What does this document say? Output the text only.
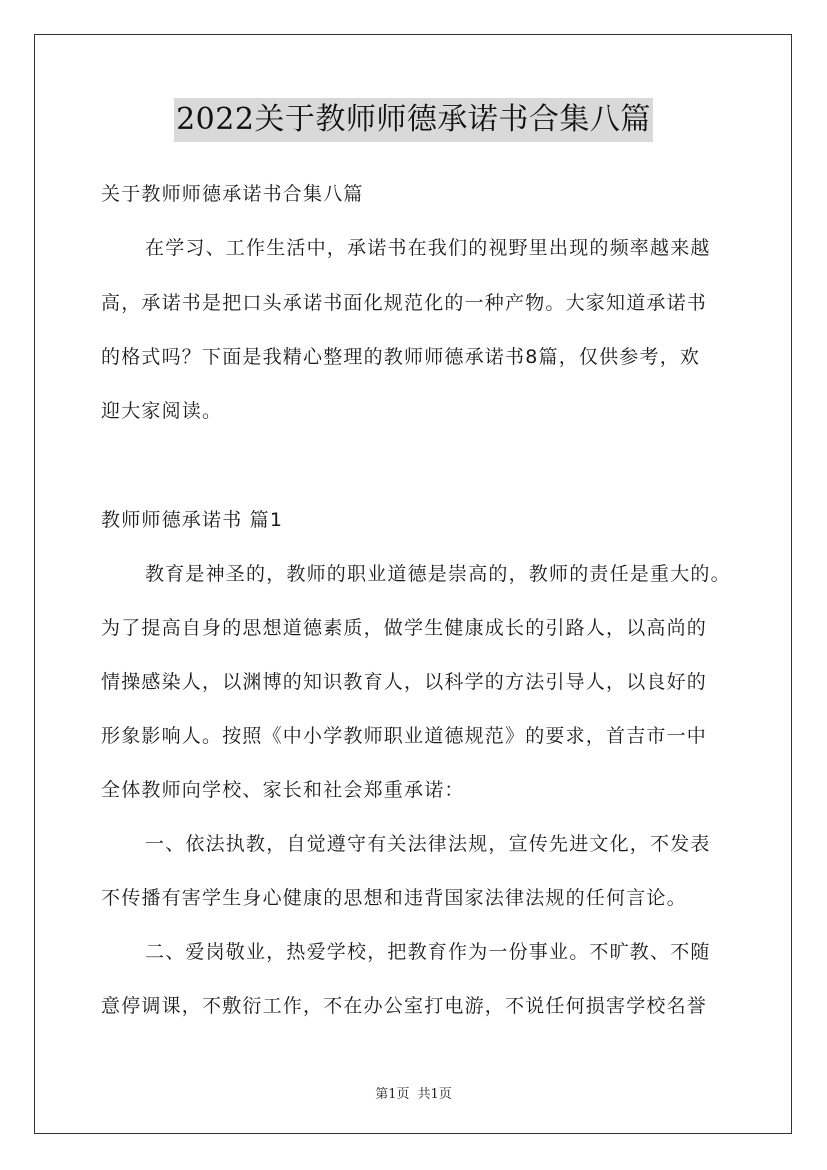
2022关于教师师德承诺书合集八篇
关于教师师德承诺书合集八篇
在学习、工作生活中，承诺书在我们的视野里出现的频率越来越
高，承诺书是把口头承诺书面化规范化的一种产物。大家知道承诺书
的格式吗？下面是我精心整理的教师师德承诺书8篇，仅供参考，欢
迎大家阅读。
教师师德承诺书 篇1
教育是神圣的，教师的职业道德是崇高的，教师的责任是重大的。
为了提高自身的思想道德素质，做学生健康成长的引路人，以高尚的
情操感染人，以渊博的知识教育人，以科学的方法引导人，以良好的
形象影响人。按照《中小学教师职业道德规范》的要求，首吉市一中
全体教师向学校、家长和社会郑重承诺：
一、依法执教，自觉遵守有关法律法规，宣传先进文化，不发表
不传播有害学生身心健康的思想和违背国家法律法规的任何言论。
二、爱岗敬业，热爱学校，把教育作为一份事业。不旷教、不随
意停调课，不敷衍工作，不在办公室打电游，不说任何损害学校名誉
第1页 共1页
